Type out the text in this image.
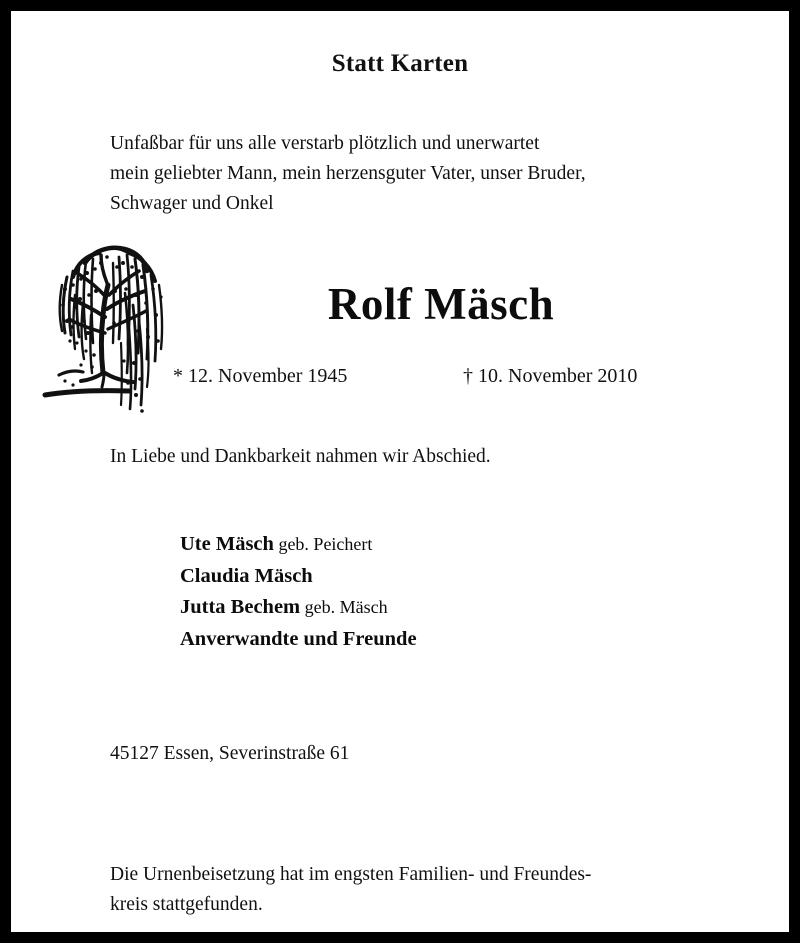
Statt Karten
Unfaßbar für uns alle verstarb plötzlich und unerwartet
mein geliebter Mann, mein herzensguter Vater, unser Bruder,
Schwager und Onkel
Rolf Mäsch
* 12. November 1945	† 10. November 2010
In Liebe und Dankbarkeit nahmen wir Abschied.
Ute Mäsch geb. Peichert
Claudia Mäsch
Jutta Bechem geb. Mäsch
Anverwandte und Freunde
45127 Essen, Severinstraße 61
Die Urnenbeisetzung hat im engsten Familien- und Freundes-
kreis stattgefunden.
